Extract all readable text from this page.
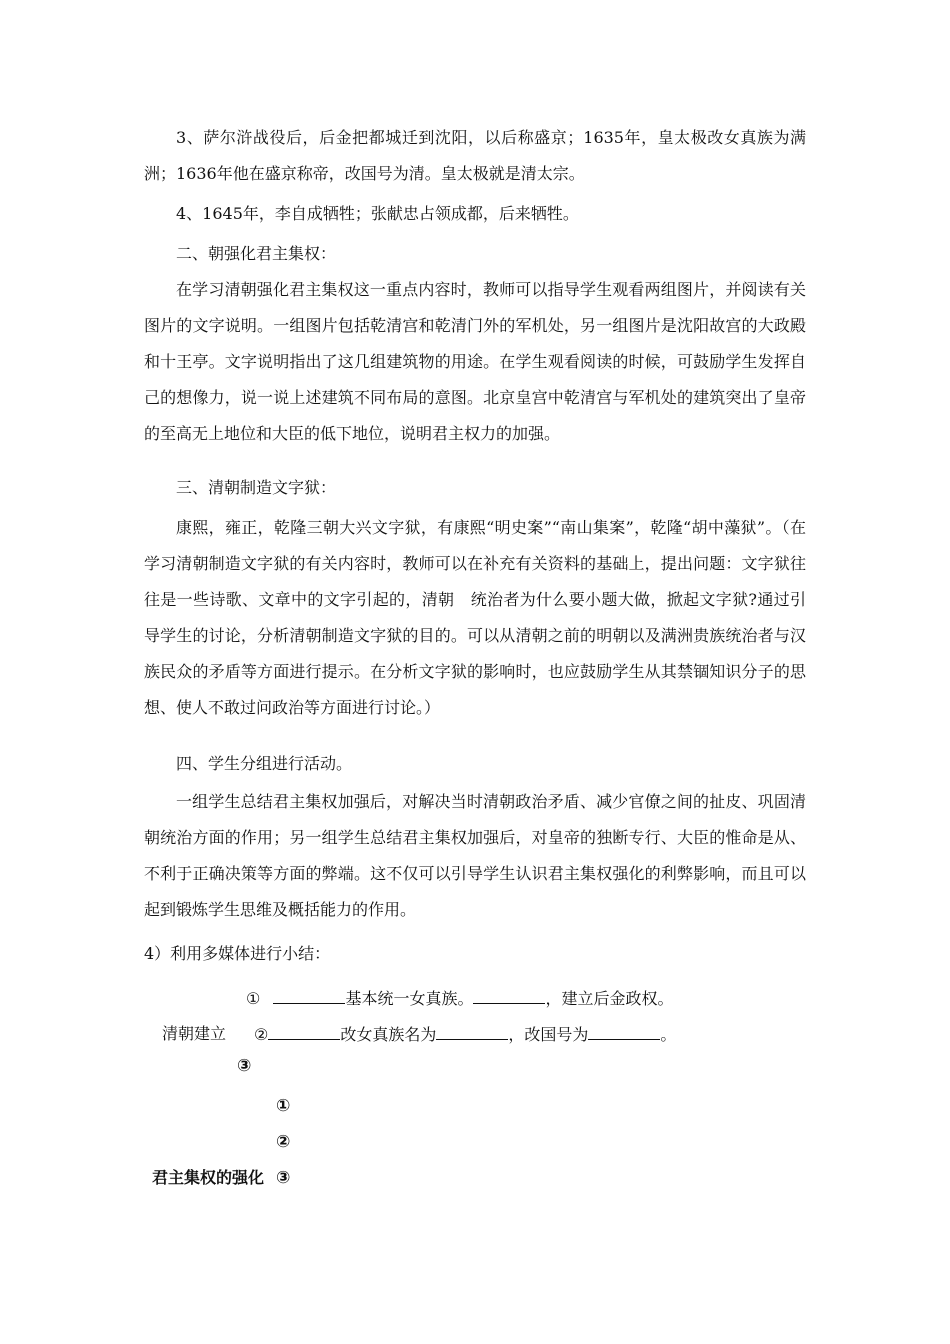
3、萨尔浒战役后，后金把都城迁到沈阳，以后称盛京；1635年，皇太极改女真族为满洲；1636年他在盛京称帝，改国号为清。皇太极就是清太宗。

4、1645年，李自成牺牲；张献忠占领成都，后来牺牲。

二、朝强化君主集权：

在学习清朝强化君主集权这一重点内容时，教师可以指导学生观看两组图片，并阅读有关图片的文字说明。一组图片包括乾清宫和乾清门外的军机处，另一组图片是沈阳故宫的大政殿和十王亭。文字说明指出了这几组建筑物的用途。在学生观看阅读的时候，可鼓励学生发挥自己的想像力，说一说上述建筑不同布局的意图。北京皇宫中乾清宫与军机处的建筑突出了皇帝的至高无上地位和大臣的低下地位，说明君主权力的加强。

三、清朝制造文字狱：

康熙，雍正，乾隆三朝大兴文字狱，有康熙“明史案”“南山集案”，乾隆“胡中藻狱”。（在学习清朝制造文字狱的有关内容时，教师可以在补充有关资料的基础上，提出问题：文字狱往往是一些诗歌、文章中的文字引起的，清朝　统治者为什么要小题大做，掀起文字狱?通过引导学生的讨论，分析清朝制造文字狱的目的。可以从清朝之前的明朝以及满洲贵族统治者与汉族民众的矛盾等方面进行提示。在分析文字狱的影响时，也应鼓励学生从其禁锢知识分子的思想、使人不敢过问政治等方面进行讨论。）

四、学生分组进行活动。

一组学生总结君主集权加强后，对解决当时清朝政治矛盾、减少官僚之间的扯皮、巩固清朝统治方面的作用；另一组学生总结君主集权加强后，对皇帝的独断专行、大臣的惟命是从、不利于正确决策等方面的弊端。这不仅可以引导学生认识君主集权强化的利弊影响，而且可以起到锻炼学生思维及概括能力的作用。

4）利用多媒体进行小结：

①	基本统一女真族。	，建立后金政权。

清朝建立 ②	改女真族名为	，改国号为	。

③

①

②

君主集权的强化 ③
